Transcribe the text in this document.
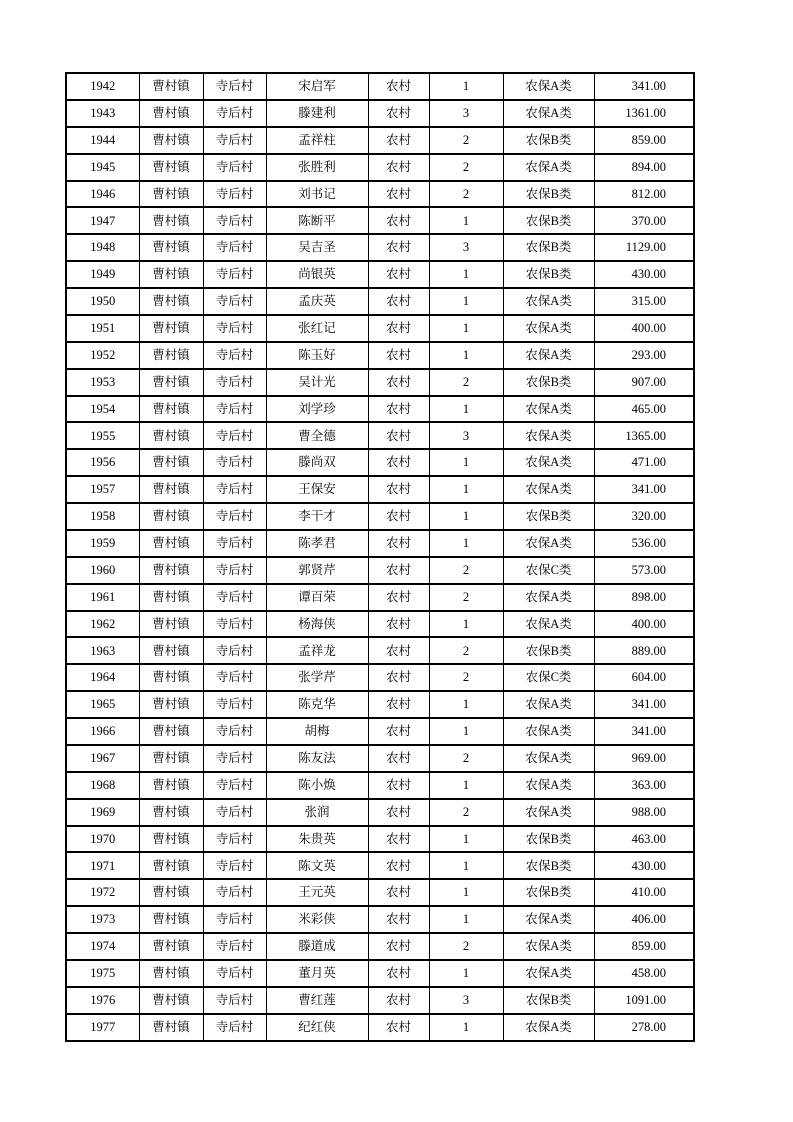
1942	曹村镇	寺后村	宋启军	农村	1	农保A类	341.00
1943	曹村镇	寺后村	滕建利	农村	3	农保A类	1361.00
1944	曹村镇	寺后村	孟祥柱	农村	2	农保B类	859.00
1945	曹村镇	寺后村	张胜利	农村	2	农保A类	894.00
1946	曹村镇	寺后村	刘书记	农村	2	农保B类	812.00
1947	曹村镇	寺后村	陈断平	农村	1	农保B类	370.00
1948	曹村镇	寺后村	吴吉圣	农村	3	农保B类	1129.00
1949	曹村镇	寺后村	尚银英	农村	1	农保B类	430.00
1950	曹村镇	寺后村	孟庆英	农村	1	农保A类	315.00
1951	曹村镇	寺后村	张红记	农村	1	农保A类	400.00
1952	曹村镇	寺后村	陈玉好	农村	1	农保A类	293.00
1953	曹村镇	寺后村	吴计光	农村	2	农保B类	907.00
1954	曹村镇	寺后村	刘学珍	农村	1	农保A类	465.00
1955	曹村镇	寺后村	曹全德	农村	3	农保A类	1365.00
1956	曹村镇	寺后村	滕尚双	农村	1	农保A类	471.00
1957	曹村镇	寺后村	王保安	农村	1	农保A类	341.00
1958	曹村镇	寺后村	李干才	农村	1	农保B类	320.00
1959	曹村镇	寺后村	陈孝君	农村	1	农保A类	536.00
1960	曹村镇	寺后村	郭贤芹	农村	2	农保C类	573.00
1961	曹村镇	寺后村	谭百荣	农村	2	农保A类	898.00
1962	曹村镇	寺后村	杨海侠	农村	1	农保A类	400.00
1963	曹村镇	寺后村	孟祥龙	农村	2	农保B类	889.00
1964	曹村镇	寺后村	张学芹	农村	2	农保C类	604.00
1965	曹村镇	寺后村	陈克华	农村	1	农保A类	341.00
1966	曹村镇	寺后村	胡梅	农村	1	农保A类	341.00
1967	曹村镇	寺后村	陈友法	农村	2	农保A类	969.00
1968	曹村镇	寺后村	陈小焕	农村	1	农保A类	363.00
1969	曹村镇	寺后村	张润	农村	2	农保A类	988.00
1970	曹村镇	寺后村	朱贵英	农村	1	农保B类	463.00
1971	曹村镇	寺后村	陈文英	农村	1	农保B类	430.00
1972	曹村镇	寺后村	王元英	农村	1	农保B类	410.00
1973	曹村镇	寺后村	米彩侠	农村	1	农保A类	406.00
1974	曹村镇	寺后村	滕道成	农村	2	农保A类	859.00
1975	曹村镇	寺后村	董月英	农村	1	农保A类	458.00
1976	曹村镇	寺后村	曹红莲	农村	3	农保B类	1091.00
1977	曹村镇	寺后村	纪红侠	农村	1	农保A类	278.00
